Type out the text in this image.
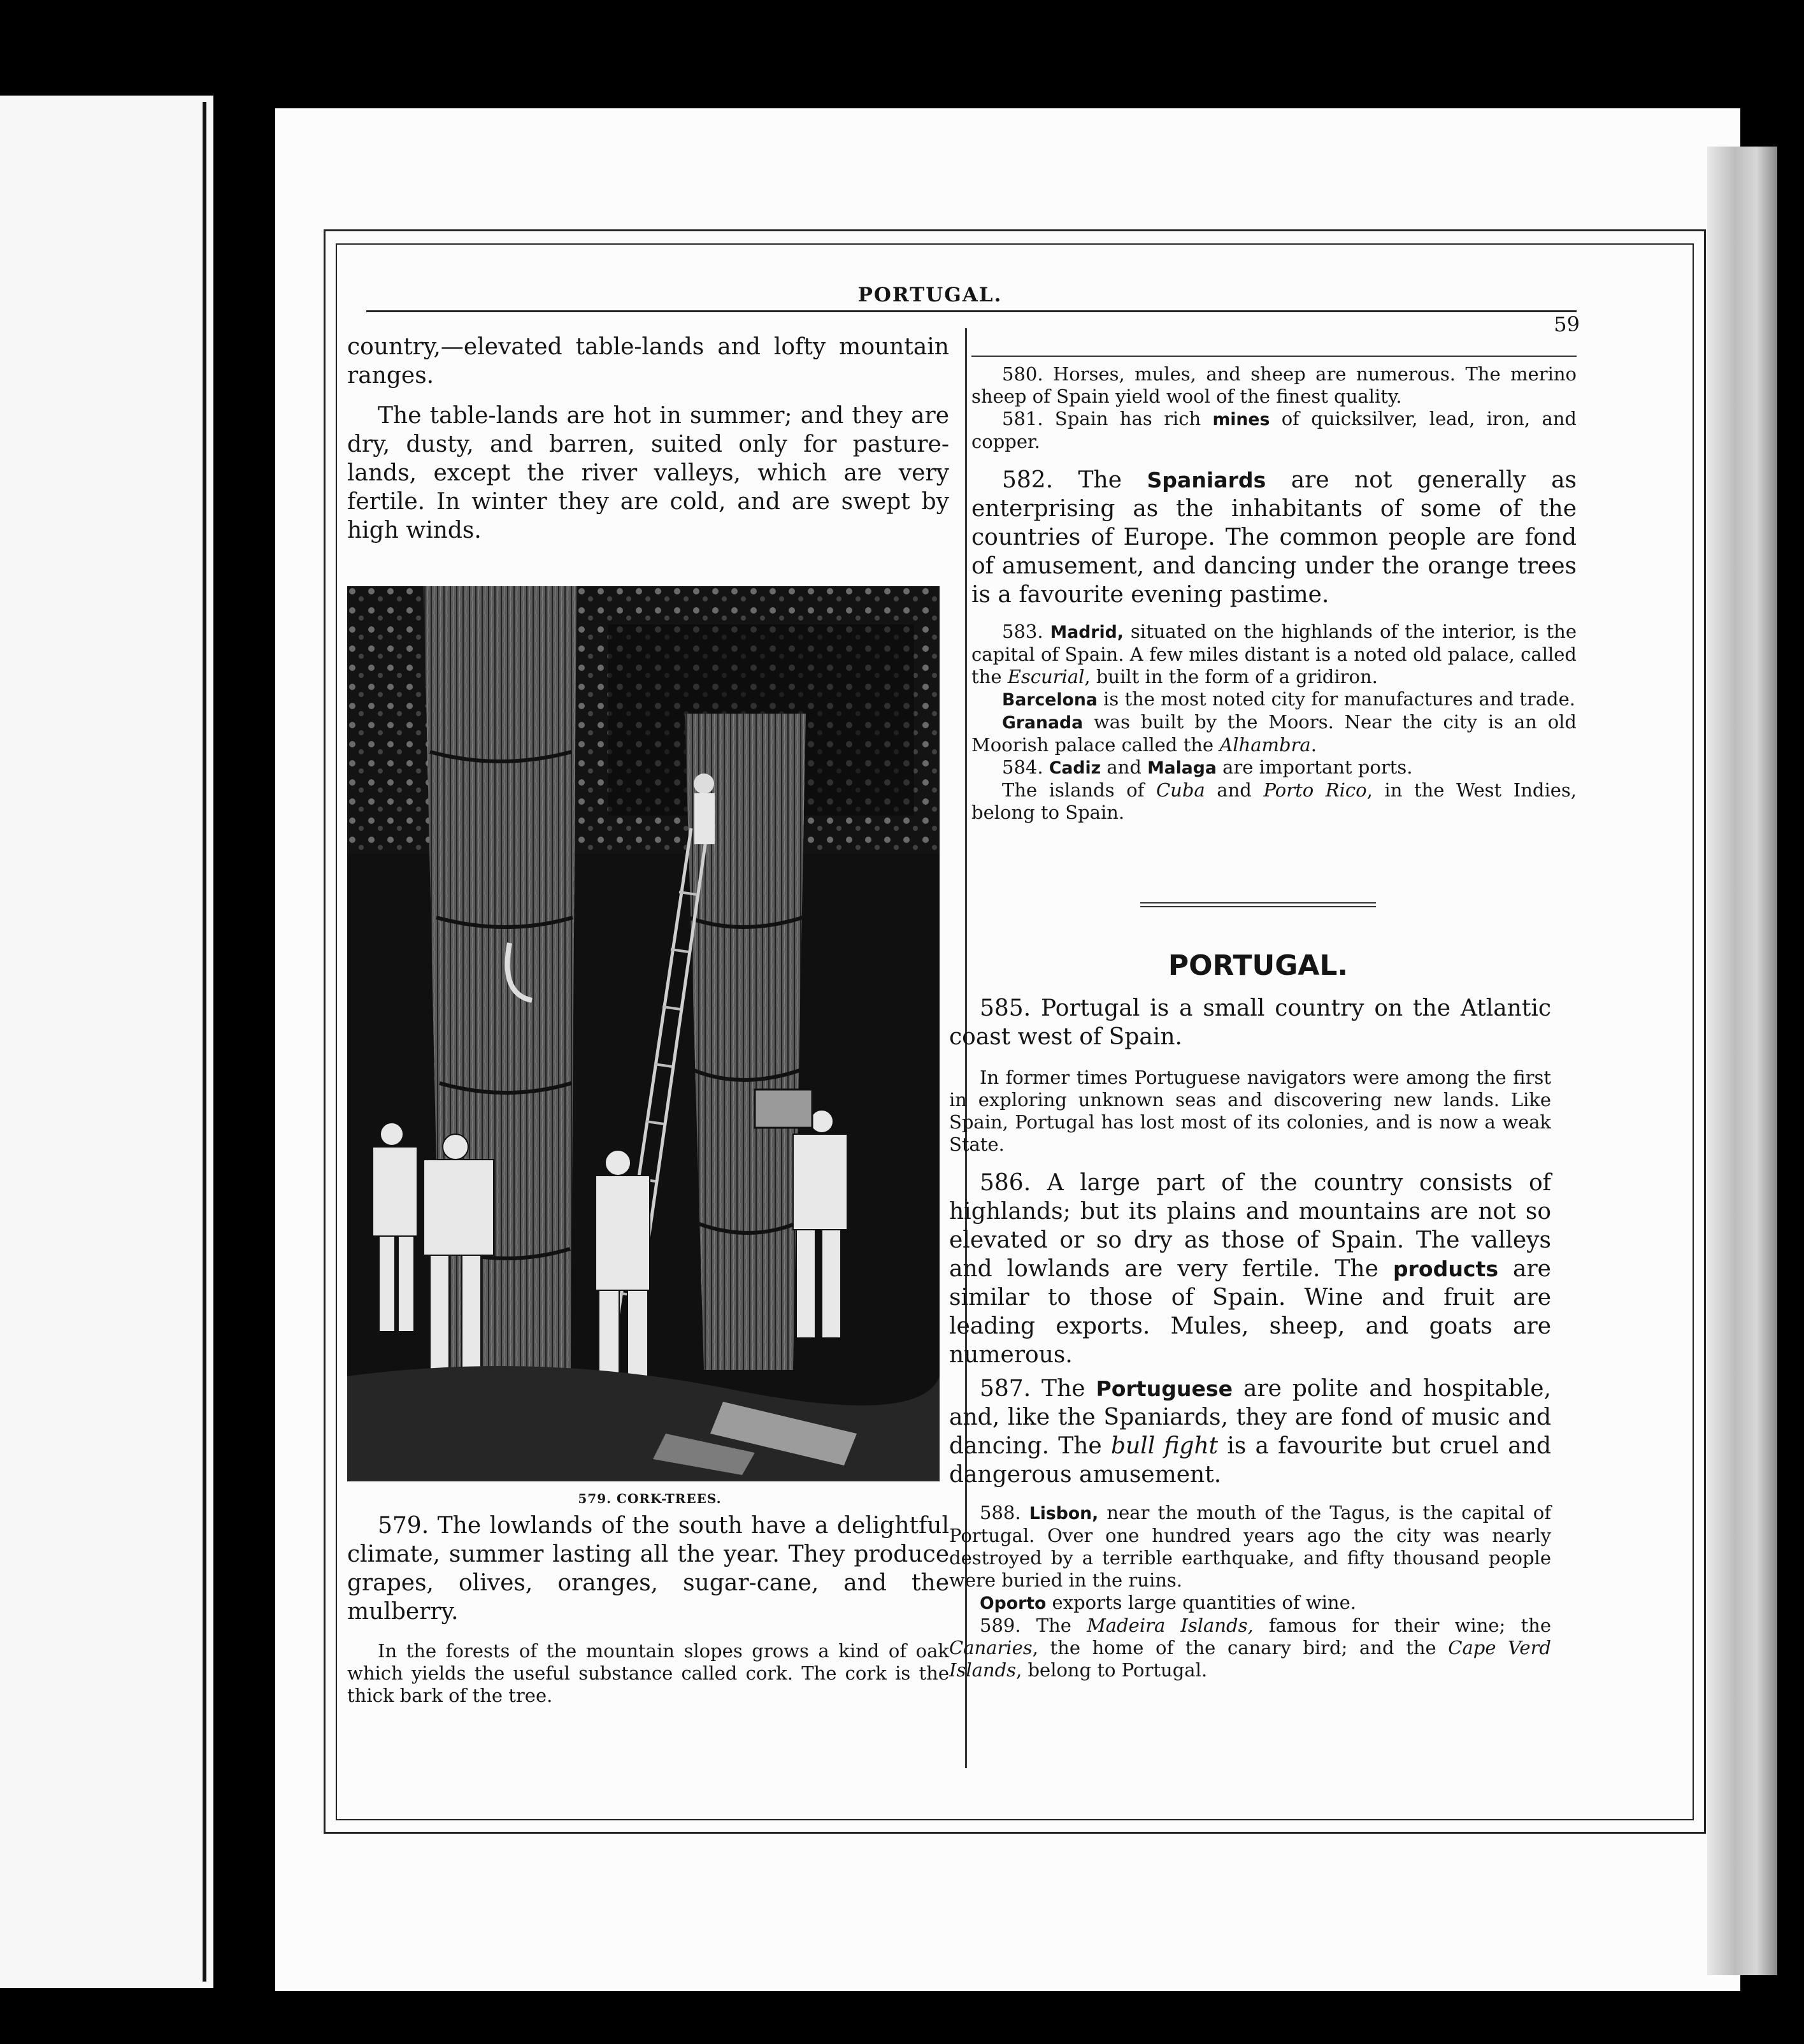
PORTUGAL.
59

country,—elevated table-lands and lofty mountain ranges.

The table-lands are hot in summer; and they are dry, dusty, and barren, suited only for pasture-lands, except the river valleys, which are very fertile. In winter they are cold, and are swept by high winds.

579. CORK-TREES.

579. The lowlands of the south have a delightful climate, summer lasting all the year. They produce grapes, olives, oranges, sugar-cane, and the mulberry.

In the forests of the mountain slopes grows a kind of oak which yields the useful substance called cork. The cork is the thick bark of the tree.

580. Horses, mules, and sheep are numerous. The merino sheep of Spain yield wool of the finest quality.

581. Spain has rich mines of quicksilver, lead, iron, and copper.

582. The Spaniards are not generally as enterprising as the inhabitants of some of the countries of Europe. The common people are fond of amusement, and dancing under the orange trees is a favourite evening pastime.

583. Madrid, situated on the highlands of the interior, is the capital of Spain. A few miles distant is a noted old palace, called the Escurial, built in the form of a gridiron.

Barcelona is the most noted city for manufactures and trade.

Granada was built by the Moors. Near the city is an old Moorish palace called the Alhambra.

584. Cadiz and Malaga are important ports.

The islands of Cuba and Porto Rico, in the West Indies, belong to Spain.

PORTUGAL.

585. Portugal is a small country on the Atlantic coast west of Spain.

In former times Portuguese navigators were among the first in exploring unknown seas and discovering new lands. Like Spain, Portugal has lost most of its colonies, and is now a weak State.

586. A large part of the country consists of highlands; but its plains and mountains are not so elevated or so dry as those of Spain. The valleys and lowlands are very fertile. The products are similar to those of Spain. Wine and fruit are leading exports. Mules, sheep, and goats are numerous.

587. The Portuguese are polite and hospitable, and, like the Spaniards, they are fond of music and dancing. The bull fight is a favourite but cruel and dangerous amusement.

588. Lisbon, near the mouth of the Tagus, is the capital of Portugal. Over one hundred years ago the city was nearly destroyed by a terrible earthquake, and fifty thousand people were buried in the ruins.

Oporto exports large quantities of wine.

589. The Madeira Islands, famous for their wine; the Canaries, the home of the canary bird; and the Cape Verd Islands, belong to Portugal.
